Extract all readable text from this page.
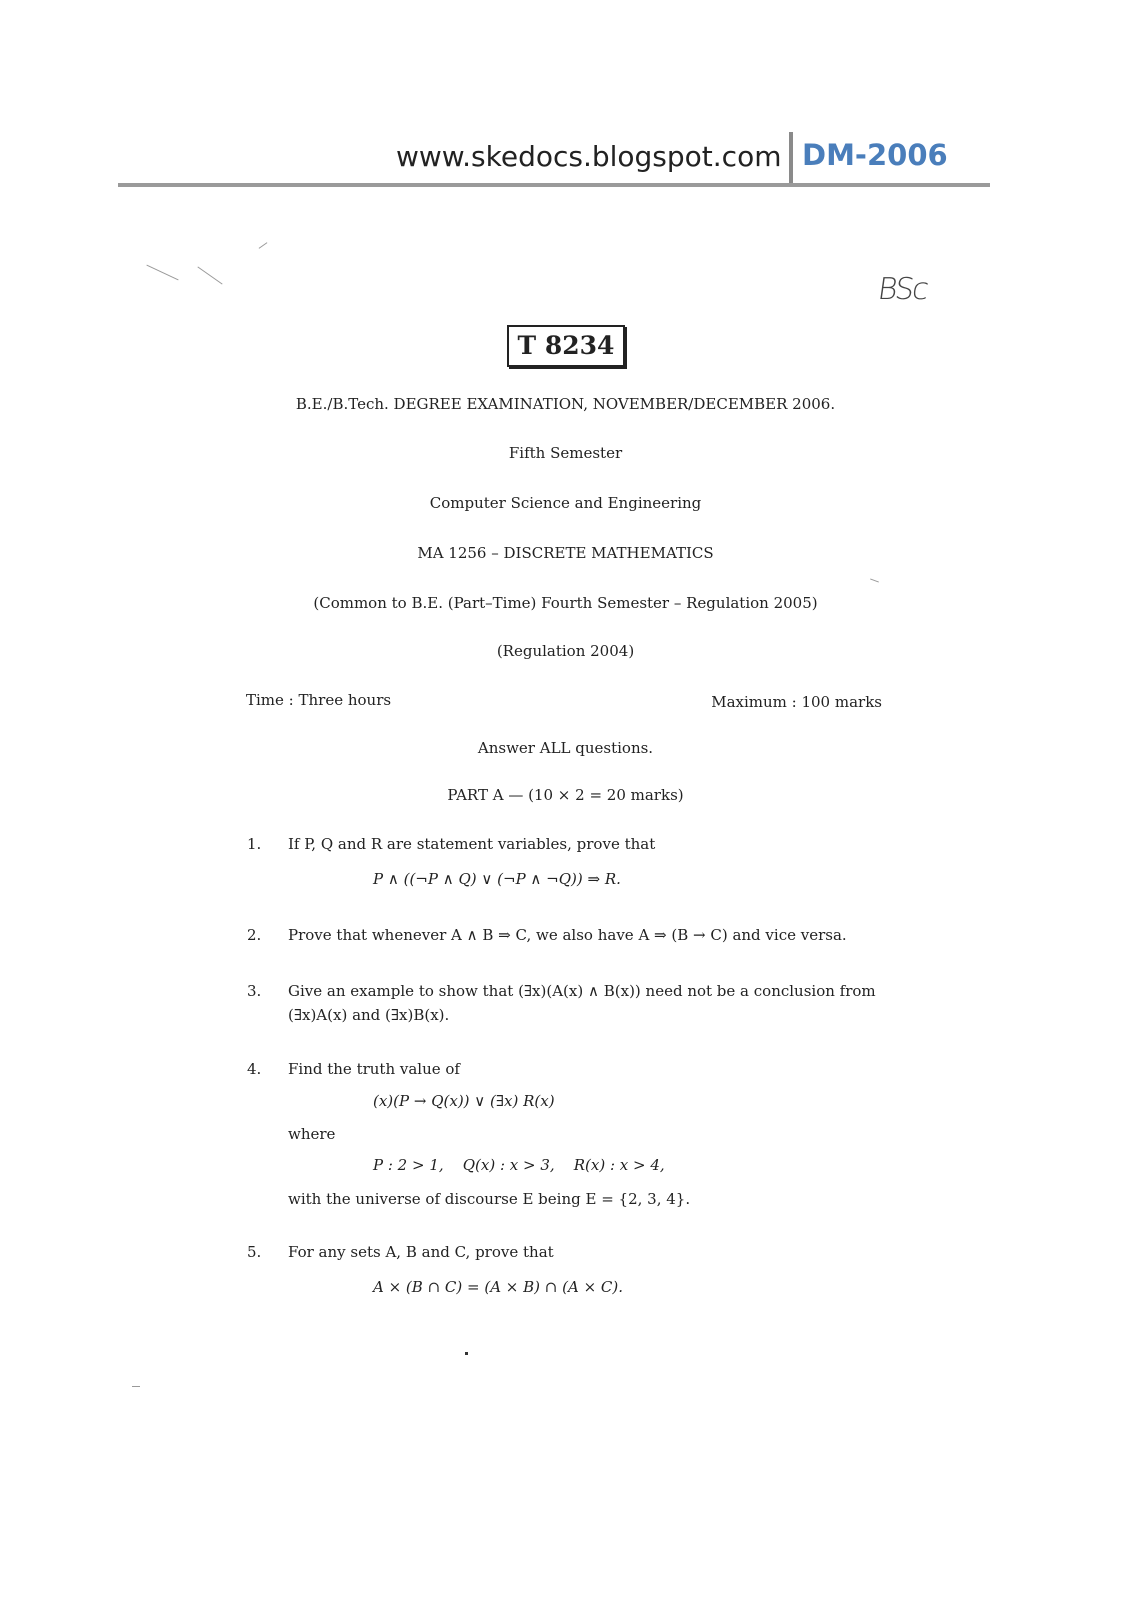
www.skedocs.blogspot.com DM-2006
BSc
T 8234
B.E./B.Tech. DEGREE EXAMINATION, NOVEMBER/DECEMBER 2006.
Fifth Semester
Computer Science and Engineering
MA 1256 – DISCRETE MATHEMATICS
(Common to B.E. (Part–Time) Fourth Semester – Regulation 2005)
(Regulation 2004)
Time : Three hours	Maximum : 100 marks
Answer ALL questions.
PART A — (10 × 2 = 20 marks)
1. If P, Q and R are statement variables, prove that
P ∧ ((¬P ∧ Q) ∨ (¬P ∧ ¬Q)) ⇒ R.
2. Prove that whenever A ∧ B ⇒ C, we also have A ⇒ (B → C) and vice versa.
3. Give an example to show that (∃x)(A(x) ∧ B(x)) need not be a conclusion from
(∃x)A(x) and (∃x)B(x).
4. Find the truth value of
(x)(P → Q(x)) ∨ (∃x) R(x)
where
P : 2 > 1,    Q(x) : x > 3,    R(x) : x > 4,
with the universe of discourse E being E = {2, 3, 4}.
5. For any sets A, B and C, prove that
A × (B ∩ C) = (A × B) ∩ (A × C).
